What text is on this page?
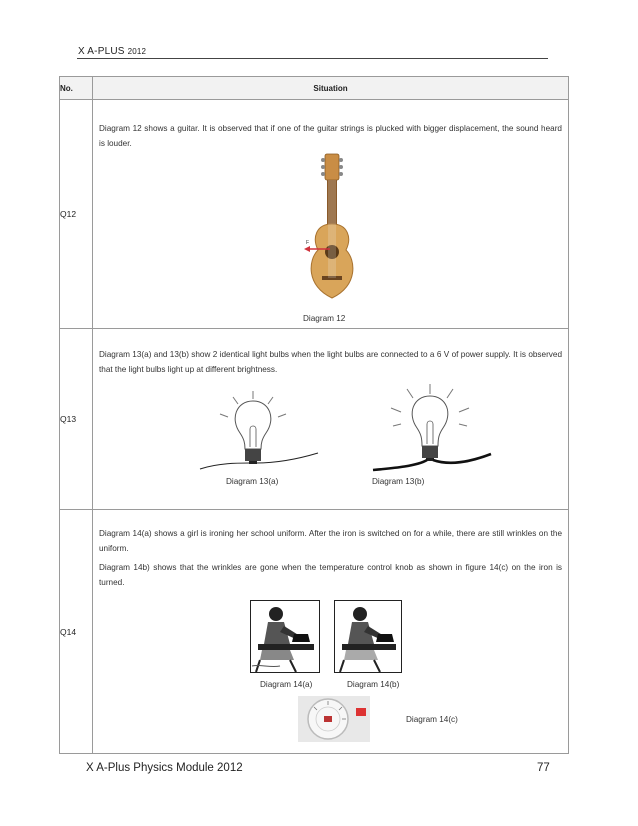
X A-PLUS 2012
No.	Situation
Q12	Diagram 12 shows a guitar. It is observed that if one of the guitar strings is plucked with bigger displacement, the sound heard is louder.
F
Diagram 12

Q13	Diagram 13(a) and 13(b) show 2 identical light bulbs when the light bulbs are connected to a 6 V of power supply. It is observed that the light bulbs light up at different brightness.
Diagram 13(a) Diagram 13(b)

Q14	Diagram 14(a) shows a girl is ironing her school uniform. After the iron is switched on for a while, there are still wrinkles on the uniform.
Diagram 14b) shows that the wrinkles are gone when the temperature control knob as shown in figure 14(c) on the iron is turned.
Diagram 14(a) Diagram 14(b)
Diagram 14(c)
X A-Plus Physics Module 2012	77
